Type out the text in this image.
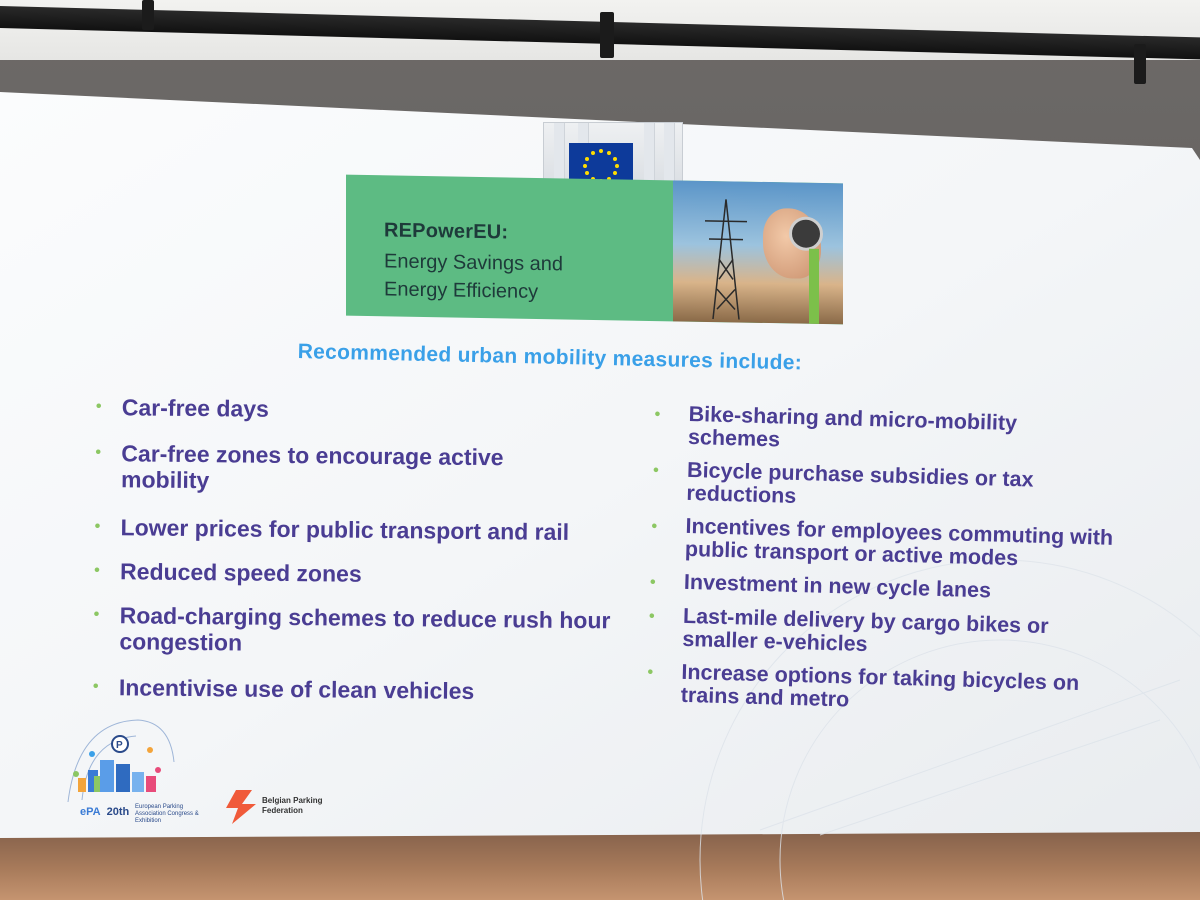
REPowerEU:
Energy Savings and
Energy Efficiency
Recommended urban mobility measures include:
• Car-free days
• Car-free zones to encourage active mobility
• Lower prices for public transport and rail
• Reduced speed zones
• Road-charging schemes to reduce rush hour congestion
• Incentivise use of clean vehicles
• Bike-sharing and micro-mobility schemes
• Bicycle purchase subsidies or tax reductions
• Incentives for employees commuting with public transport or active modes
• Investment in new cycle lanes
• Last-mile delivery by cargo bikes or smaller e-vehicles
• Increase options for taking bicycles on trains and metro
P
ePA 20th European Parking Association Congress & Exhibition
Belgian Parking
Federation
